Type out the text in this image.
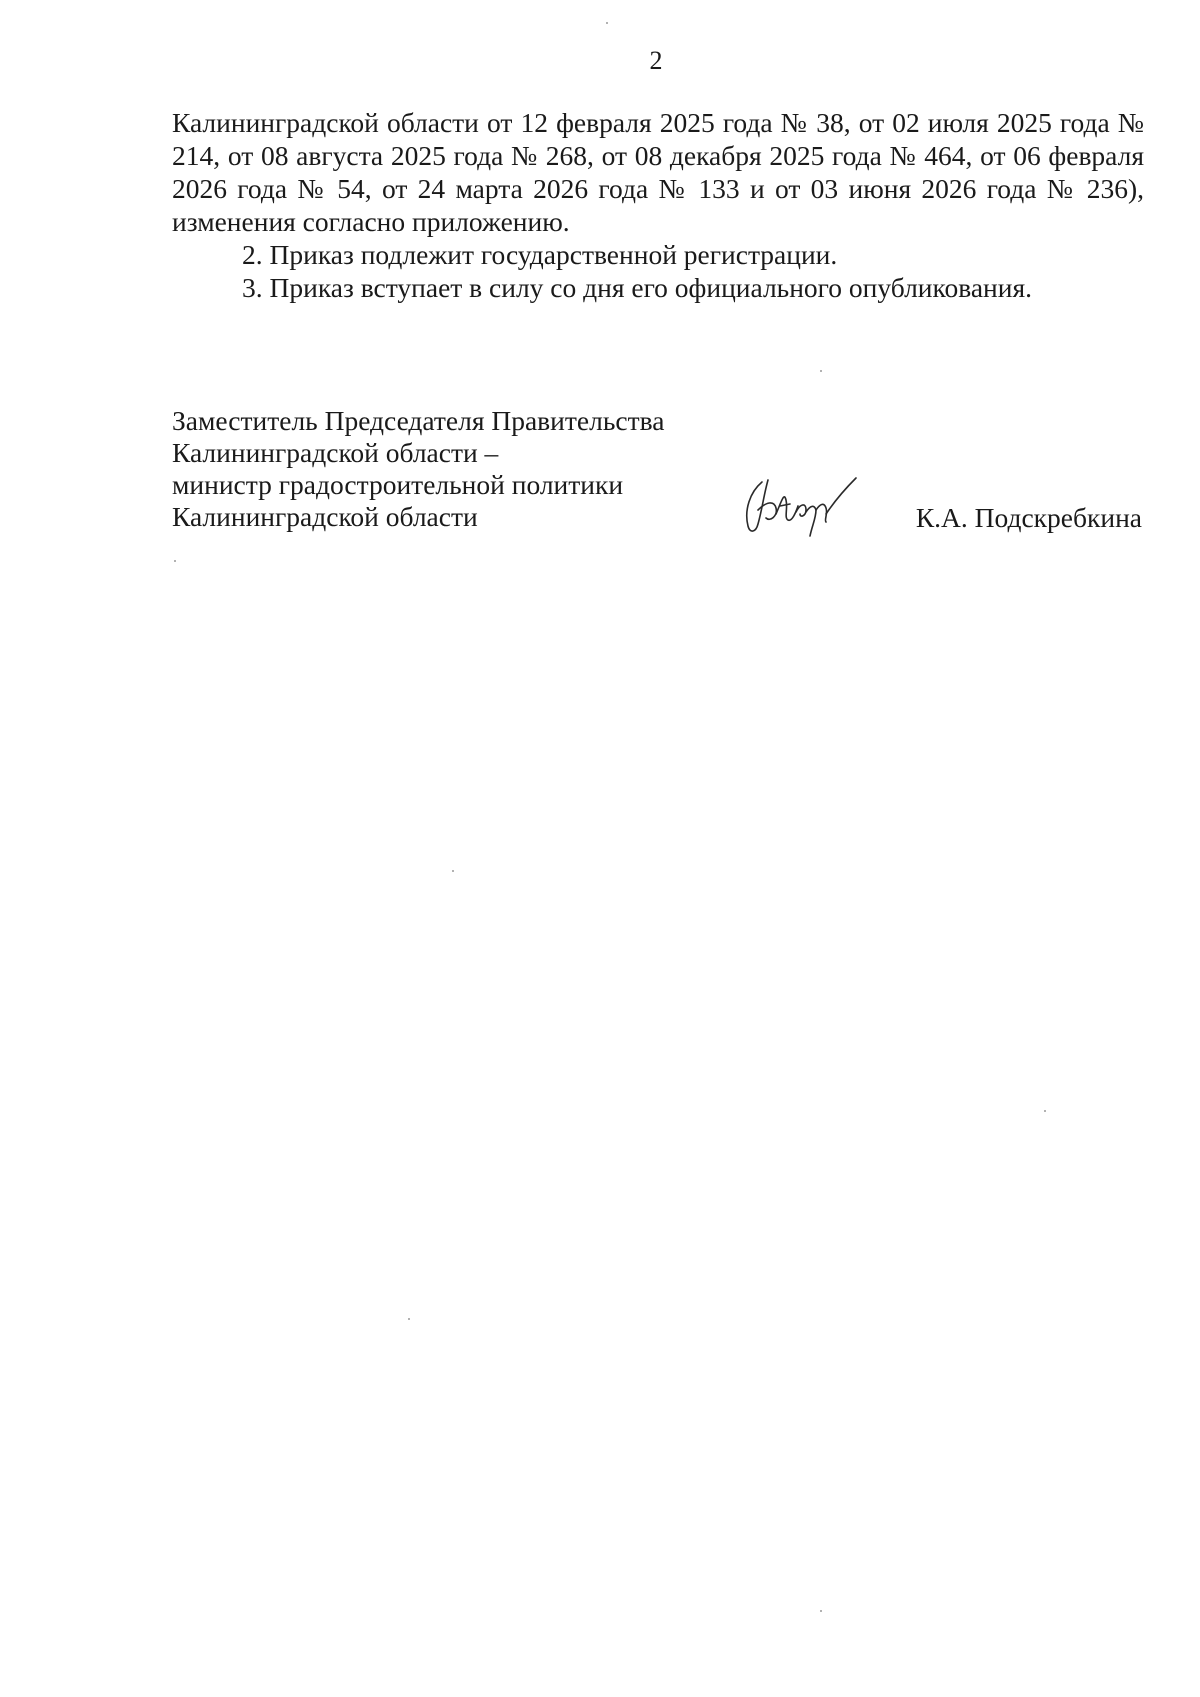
2

Калининградской области от 12 февраля 2025 года № 38, от 02 июля 2025 года № 214, от 08 августа 2025 года № 268, от 08 декабря 2025 года № 464, от 06 февраля 2026 года № 54, от 24 марта 2026 года № 133 и от 03 июня 2026 года № 236), изменения согласно приложению.

2. Приказ подлежит государственной регистрации.

3. Приказ вступает в силу со дня его официального опубликования.

Заместитель Председателя Правительства

Калининградской области –

министр градостроительной политики

Калининградской области	К.А. Подскребкина
